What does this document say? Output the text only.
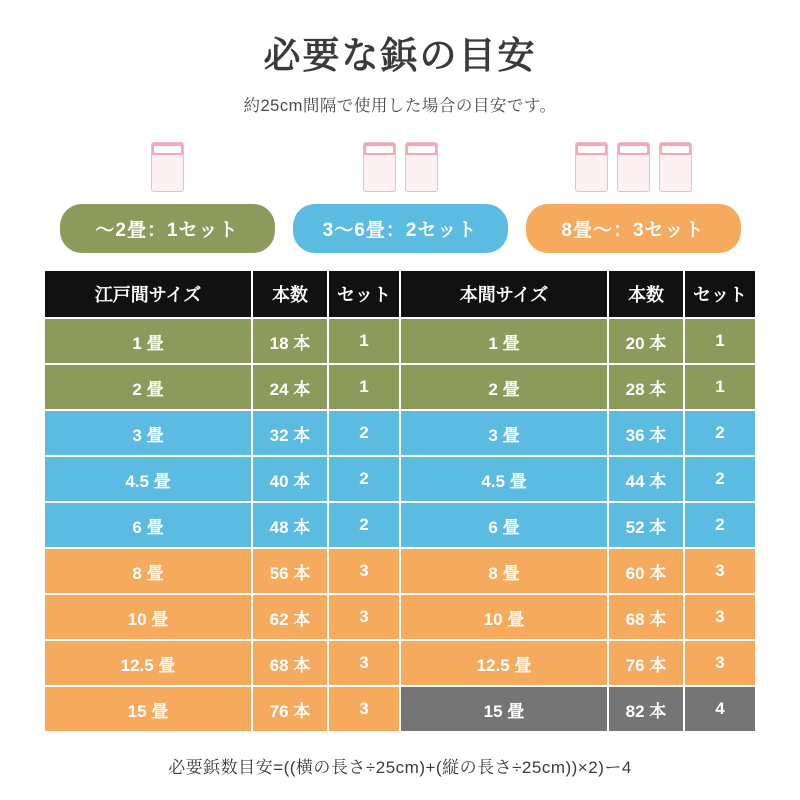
必要な鋲の目安
約25cm間隔で使用した場合の目安です。
〜2畳：1セット	3〜6畳：2セット	8畳〜：3セット
江戸間サイズ	本数	セット	本間サイズ	本数	セット
1 畳	18 本	1	1 畳	20 本	1
2 畳	24 本	1	2 畳	28 本	1
3 畳	32 本	2	3 畳	36 本	2
4.5 畳	40 本	2	4.5 畳	44 本	2
6 畳	48 本	2	6 畳	52 本	2
8 畳	56 本	3	8 畳	60 本	3
10 畳	62 本	3	10 畳	68 本	3
12.5 畳	68 本	3	12.5 畳	76 本	3
15 畳	76 本	3	15 畳	82 本	4
必要鋲数目安=((横の長さ÷25cm)+(縦の長さ÷25cm))×2)ー4
